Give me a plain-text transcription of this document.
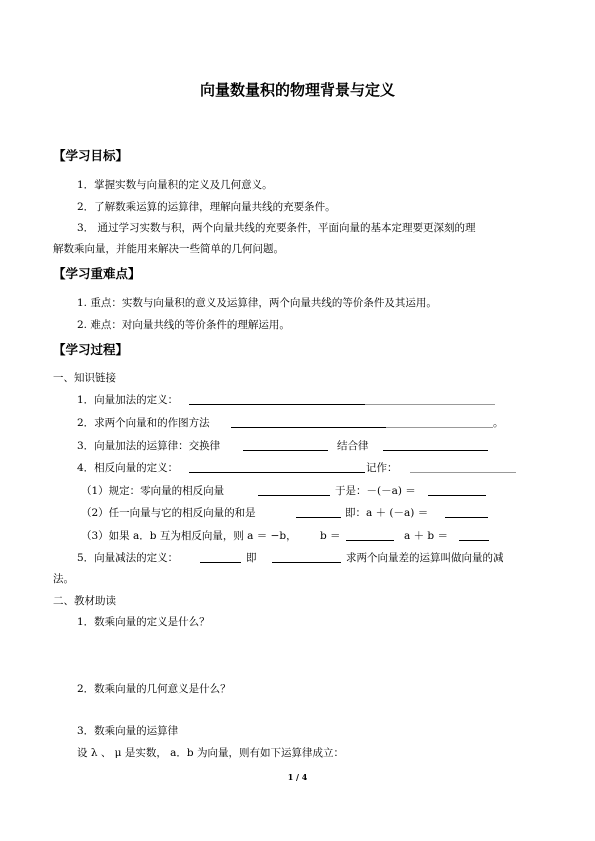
向量数量积的物理背景与定义
【学习目标】
1．掌握实数与向量积的定义及几何意义。
2．了解数乘运算的运算律，理解向量共线的充要条件。
3． 通过学习实数与积，两个向量共线的充要条件，平面向量的基本定理要更深刻的理
解数乘向量，并能用来解决一些简单的几何问题。
【学习重难点】
1. 重点：实数与向量积的意义及运算律，两个向量共线的等价条件及其运用。
2. 难点：对向量共线的等价条件的理解运用。
【学习过程】
一、知识链接
1．向量加法的定义：
2．求两个向量和的作图方法	。
3．向量加法的运算律：交换律	结合律
4．相反向量的定义：	记作：
（1）规定：零向量的相反向量	于是：－(－a) ＝
（2）任一向量与它的相反向量的和是	即：a ＋ (－a) ＝
（3）如果 a．b 互为相反向量，则 a ＝ −b， b ＝	a ＋ b ＝
5．向量减法的定义：	即	求两个向量差的运算叫做向量的减
法。
二、教材助读
1．数乘向量的定义是什么？
2．数乘向量的几何意义是什么？
3．数乘向量的运算律
设 λ 、 μ 是实数， a．b 为向量，则有如下运算律成立：
1 / 4
